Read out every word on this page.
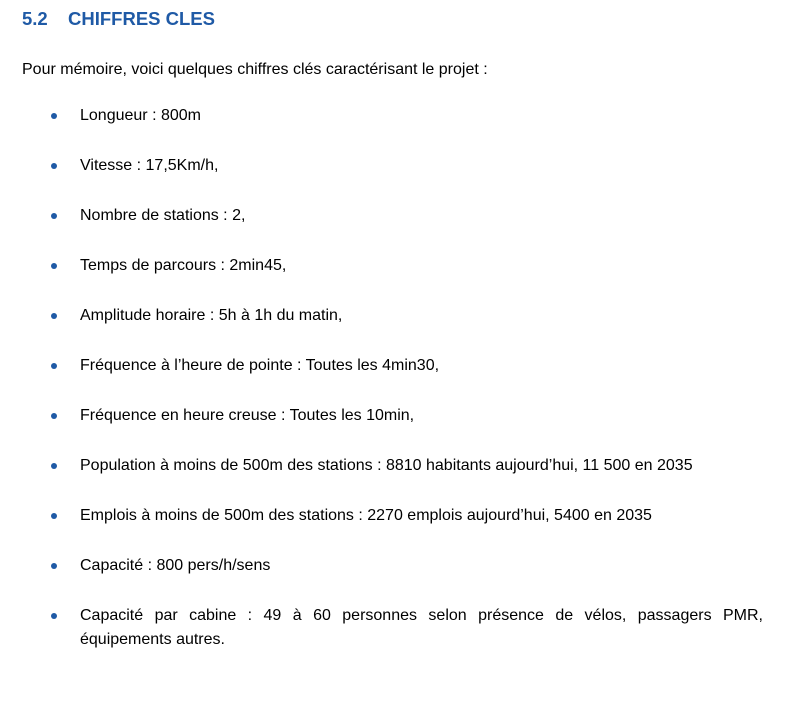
5.2 CHIFFRES CLES

Pour mémoire, voici quelques chiffres clés caractérisant le projet :

Longueur : 800m
Vitesse : 17,5Km/h,
Nombre de stations : 2,
Temps de parcours : 2min45,
Amplitude horaire : 5h à 1h du matin,
Fréquence à l’heure de pointe : Toutes les 4min30,
Fréquence en heure creuse : Toutes les 10min,
Population à moins de 500m des stations : 8810 habitants aujourd’hui, 11 500 en 2035
Emplois à moins de 500m des stations : 2270 emplois aujourd’hui, 5400 en 2035
Capacité : 800 pers/h/sens
Capacité par cabine : 49 à 60 personnes selon présence de vélos, passagers PMR, équipements autres.
